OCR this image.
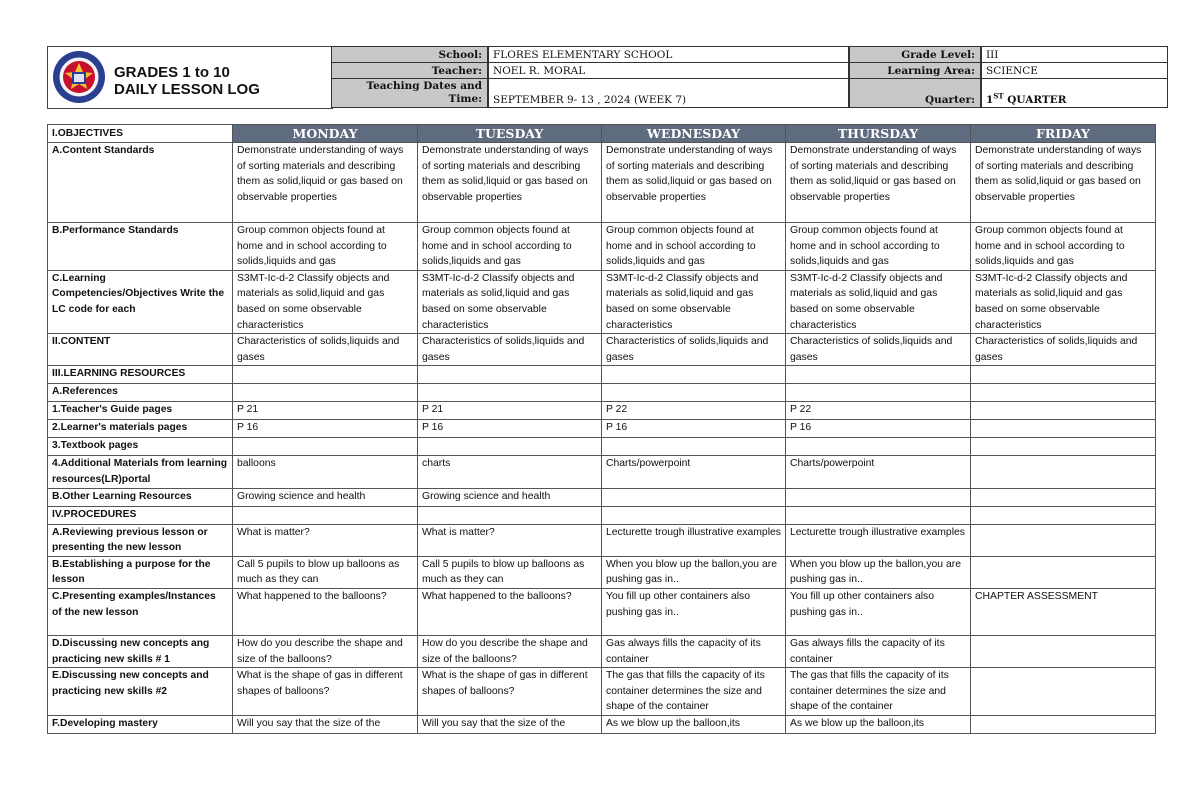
GRADES 1 to 10
DAILY LESSON LOG
School:	FLORES ELEMENTARY SCHOOL	Grade Level:	III
Teacher:	NOEL R. MORAL	Learning Area:	SCIENCE
Teaching Dates and
Time:	SEPTEMBER 9- 13 , 2024 (WEEK 7)	Quarter:	1ST QUARTER
I.OBJECTIVES	MONDAY	TUESDAY	WEDNESDAY	THURSDAY	FRIDAY
A.Content Standards	Demonstrate understanding of ways of sorting materials and describing them as solid,liquid or gas based on observable properties	Demonstrate understanding of ways of sorting materials and describing them as solid,liquid or gas based on observable properties	Demonstrate understanding of ways of sorting materials and describing them as solid,liquid or gas based on observable properties	Demonstrate understanding of ways of sorting materials and describing them as solid,liquid or gas based on observable properties	Demonstrate understanding of ways of sorting materials and describing them as solid,liquid or gas based on observable properties
B.Performance Standards	Group common objects found at home and in school according to solids,liquids and gas	Group common objects found at home and in school according to solids,liquids and gas	Group common objects found at home and in school according to solids,liquids and gas	Group common objects found at home and in school according to solids,liquids and gas	Group common objects found at home and in school according to solids,liquids and gas
C.Learning Competencies/Objectives Write the LC code for each	S3MT-Ic-d-2 Classify objects and materials as solid,liquid and gas based on some observable characteristics	S3MT-Ic-d-2 Classify objects and materials as solid,liquid and gas based on some observable characteristics	S3MT-Ic-d-2 Classify objects and materials as solid,liquid and gas based on some observable characteristics	S3MT-Ic-d-2 Classify objects and materials as solid,liquid and gas based on some observable characteristics	S3MT-Ic-d-2 Classify objects and materials as solid,liquid and gas based on some observable characteristics
II.CONTENT	Characteristics of solids,liquids and gases	Characteristics of solids,liquids and gases	Characteristics of solids,liquids and gases	Characteristics of solids,liquids and gases	Characteristics of solids,liquids and gases
III.LEARNING RESOURCES					
A.References					
1.Teacher's Guide pages	P 21	P 21	P 22	P 22	
2.Learner's materials pages	P 16	P 16	P 16	P 16	
3.Textbook pages					
4.Additional Materials from learning resources(LR)portal	balloons	charts	Charts/powerpoint	Charts/powerpoint	
B.Other Learning Resources	Growing science and health	Growing science and health			
IV.PROCEDURES					
A.Reviewing previous lesson or presenting the new lesson	What is matter?	What is matter?	Lecturette trough illustrative examples	Lecturette trough illustrative examples	
B.Establishing a purpose for the lesson	Call 5 pupils to blow up balloons as much as they can	Call 5 pupils to blow up balloons as much as they can	When you blow up the ballon,you are pushing gas in..	When you blow up the ballon,you are pushing gas in..	
C.Presenting examples/Instances of the new lesson	What happened to the balloons?	What happened to the balloons?	You fill up other containers also pushing gas in..	You fill up other containers also pushing gas in..	CHAPTER ASSESSMENT
D.Discussing new concepts ang practicing new skills # 1	How do you describe the shape and size of the balloons?	How do you describe the shape and size of the balloons?	Gas always fills the capacity of its container	Gas always fills the capacity of its container	
E.Discussing new concepts and practicing new skills #2	What is the shape of gas in different shapes of balloons?	What is the shape of gas in different shapes of balloons?	The gas that fills the capacity of its container determines the size and shape of the container	The gas that fills the capacity of its container determines the size and shape of the container	
F.Developing mastery	Will you say that the size of the	Will you say that the size of the	As we blow up the balloon,its	As we blow up the balloon,its	
